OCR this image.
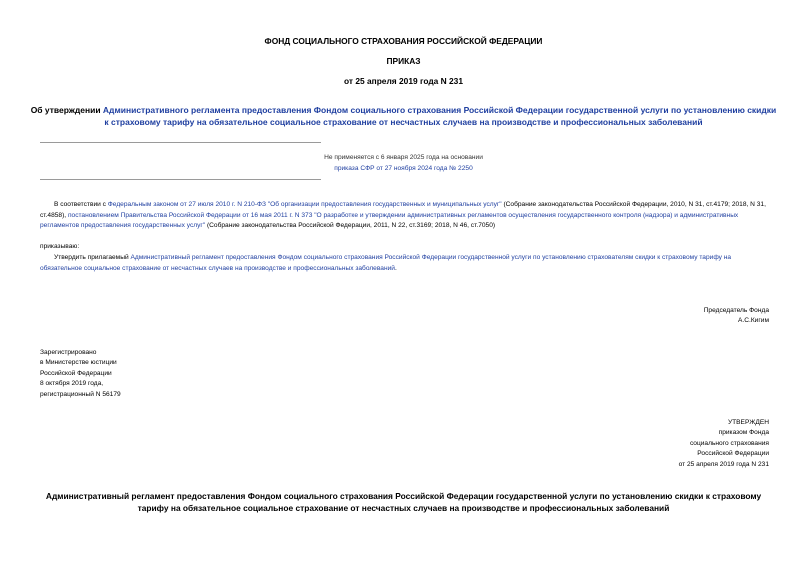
ФОНД СОЦИАЛЬНОГО СТРАХОВАНИЯ РОССИЙСКОЙ ФЕДЕРАЦИИ
ПРИКАЗ
от 25 апреля 2019 года N 231
Об утверждении Административного регламента предоставления Фондом социального страхования Российской Федерации государственной услуги по установлению скидки к страховому тарифу на обязательное социальное страхование от несчастных случаев на производстве и профессиональных заболеваний

Не применяется с 6 января 2025 года на основании

приказа СФР от 27 ноября 2024 года № 2250

В соответствии с Федеральным законом от 27 июля 2010 г. N 210-ФЗ "Об организации предоставления государственных и муниципальных услуг" (Собрание законодательства Российской Федерации, 2010, N 31, ст.4179; 2018, N 31, ст.4858), постановлением Правительства Российской Федерации от 16 мая 2011 г. N 373 "О разработке и утверждении административных регламентов осуществления государственного контроля (надзора) и административных регламентов предоставления государственных услуг" (Собрание законодательства Российской Федерации, 2011, N 22, ст.3169; 2018, N 46, ст.7050)
приказываю:
Утвердить прилагаемый Административный регламент предоставления Фондом социального страхования Российской Федерации государственной услуги по установлению страхователям скидки к страховому тарифу на обязательное социальное страхование от несчастных случаев на производстве и профессиональных заболеваний.

Председатель Фонда

А.С.Кигим

Зарегистрировано

в Министерстве юстиции

Российской Федерации

8 октября 2019 года,

регистрационный N 56179

УТВЕРЖДЕН

приказом Фонда

социального страхования

Российской Федерации

от 25 апреля 2019 года N 231

Административный регламент предоставления Фондом социального страхования Российской Федерации государственной услуги по установлению скидки к страховому тарифу на обязательное социальное страхование от несчастных случаев на производстве и профессиональных заболеваний
